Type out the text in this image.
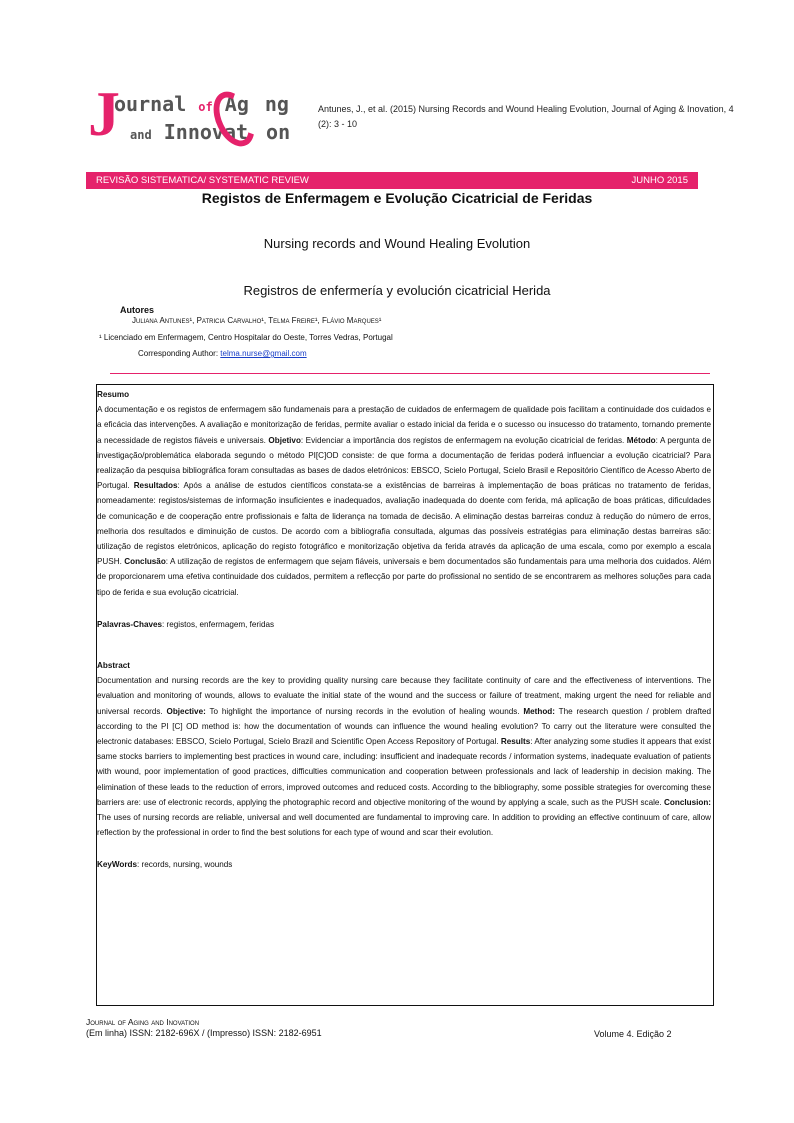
J
ournal of Ag ng
and Innovat on
Antunes, J., et al. (2015) Nursing Records and Wound Healing Evolution, Journal of Aging & Inovation, 4 (2): 3 - 10
REVISÃO SISTEMATICA/ SYSTEMATIC REVIEW	JUNHO 2015
Registos de Enfermagem e Evolução Cicatricial de Feridas
Nursing records and Wound Healing Evolution
Registros de enfermería y evolución cicatricial Herida
Autores
Juliana Antunes¹, Patricia Carvalho¹, Telma Freire¹, Flávio Marques¹
¹ Licenciado em Enfermagem, Centro Hospitalar do Oeste, Torres Vedras, Portugal
Corresponding Author: telma.nurse@gmail.com

Resumo

A documentação e os registos de enfermagem são fundamenais para a prestação de cuidados de enfermagem de qualidade pois facilitam a continuidade dos cuidados e a eficácia das intervenções. A avaliação e monitorização de feridas, permite avaliar o estado inicial da ferida e o sucesso ou insucesso do tratamento, tornando premente a necessidade de registos fiáveis e universais. Objetivo: Evidenciar a importância dos registos de enfermagem na evolução cicatricial de feridas. Método: A pergunta de investigação/problemática elaborada segundo o método PI[C]OD consiste: de que forma a documentação de feridas poderá influenciar a evolução cicatricial? Para realização da pesquisa bibliográfica foram consultadas as bases de dados eletrónicos: EBSCO, Scielo Portugal, Scielo Brasil e Repositório Científico de Acesso Aberto de Portugal. Resultados: Após a análise de estudos científicos constata-se a existências de barreiras à implementação de boas práticas no tratamento de feridas, nomeadamente: registos/sistemas de informação insuficientes e inadequados, avaliação inadequada do doente com ferida, má aplicação de boas práticas, dificuldades de comunicação e de cooperação entre profissionais e falta de liderança na tomada de decisão. A eliminação destas barreiras conduz à redução do número de erros, melhoria dos resultados e diminuição de custos. De acordo com a bibliografia consultada, algumas das possíveis estratégias para eliminação destas barreiras são: utilização de registos eletrónicos, aplicação do registo fotográfico e monitorização objetiva da ferida através da aplicação de uma escala, como por exemplo a escala PUSH. Conclusão: A utilização de registos de enfermagem que sejam fiáveis, universais e bem documentados são fundamentais para uma melhoria dos cuidados. Além de proporcionarem uma efetiva continuidade dos cuidados, permitem a reflecção por parte do profissional no sentido de se encontrarem as melhores soluções para cada tipo de ferida e sua evolução cicatricial.

Palavras-Chaves: registos, enfermagem, feridas

Abstract

Documentation and nursing records are the key to providing quality nursing care because they facilitate continuity of care and the effectiveness of interventions. The evaluation and monitoring of wounds, allows to evaluate the initial state of the wound and the success or failure of treatment, making urgent the need for reliable and universal records. Objective: To highlight the importance of nursing records in the evolution of healing wounds. Method: The research question / problem drafted according to the PI [C] OD method is: how the documentation of wounds can influence the wound healing evolution? To carry out the literature were consulted the electronic databases: EBSCO, Scielo Portugal, Scielo Brazil and Scientific Open Access Repository of Portugal. Results: After analyzing some studies it appears that exist same stocks barriers to implementing best practices in wound care, including: insufficient and inadequate records / information systems, inadequate evaluation of patients with wound, poor implementation of good practices, difficulties communication and cooperation between professionals and lack of leadership in decision making. The elimination of these leads to the reduction of errors, improved outcomes and reduced costs. According to the bibliography, some possible strategies for overcoming these barriers are: use of electronic records, applying the photographic record and objective monitoring of the wound by applying a scale, such as the PUSH scale. Conclusion: The uses of nursing records are reliable, universal and well documented are fundamental to improving care. In addition to providing an effective continuum of care, allow reflection by the professional in order to find the best solutions for each type of wound and scar their evolution.

KeyWords: records, nursing, wounds

Journal of Aging and Inovation
(Em linha) ISSN: 2182-696X / (Impresso) ISSN: 2182-6951	Volume 4. Edição 2
